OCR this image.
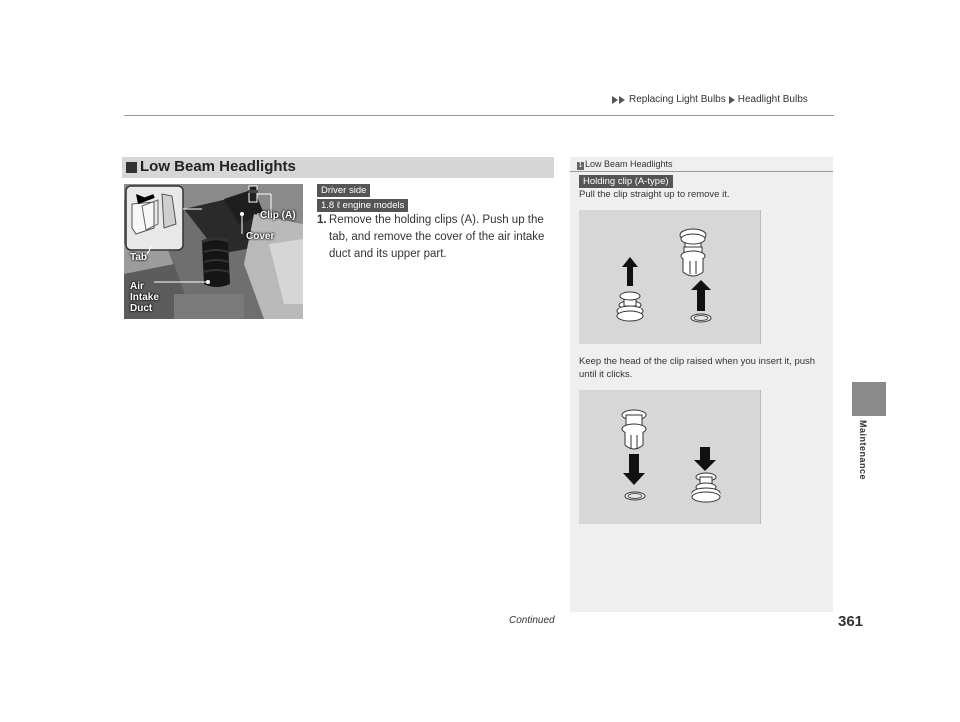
Replacing Light Bulbs Headlight Bulbs
Maintenance
Low Beam Headlights
Clip (A)
Cover
Tab
Air Intake Duct
Driver side
1.8 ℓ engine models
1. Remove the holding clips (A). Push up the tab, and remove the cover of the air intake duct and its upper part.
1 Low Beam Headlights
Holding clip (A-type)
Pull the clip straight up to remove it.
Keep the head of the clip raised when you insert it, push until it clicks.
Continued	361
